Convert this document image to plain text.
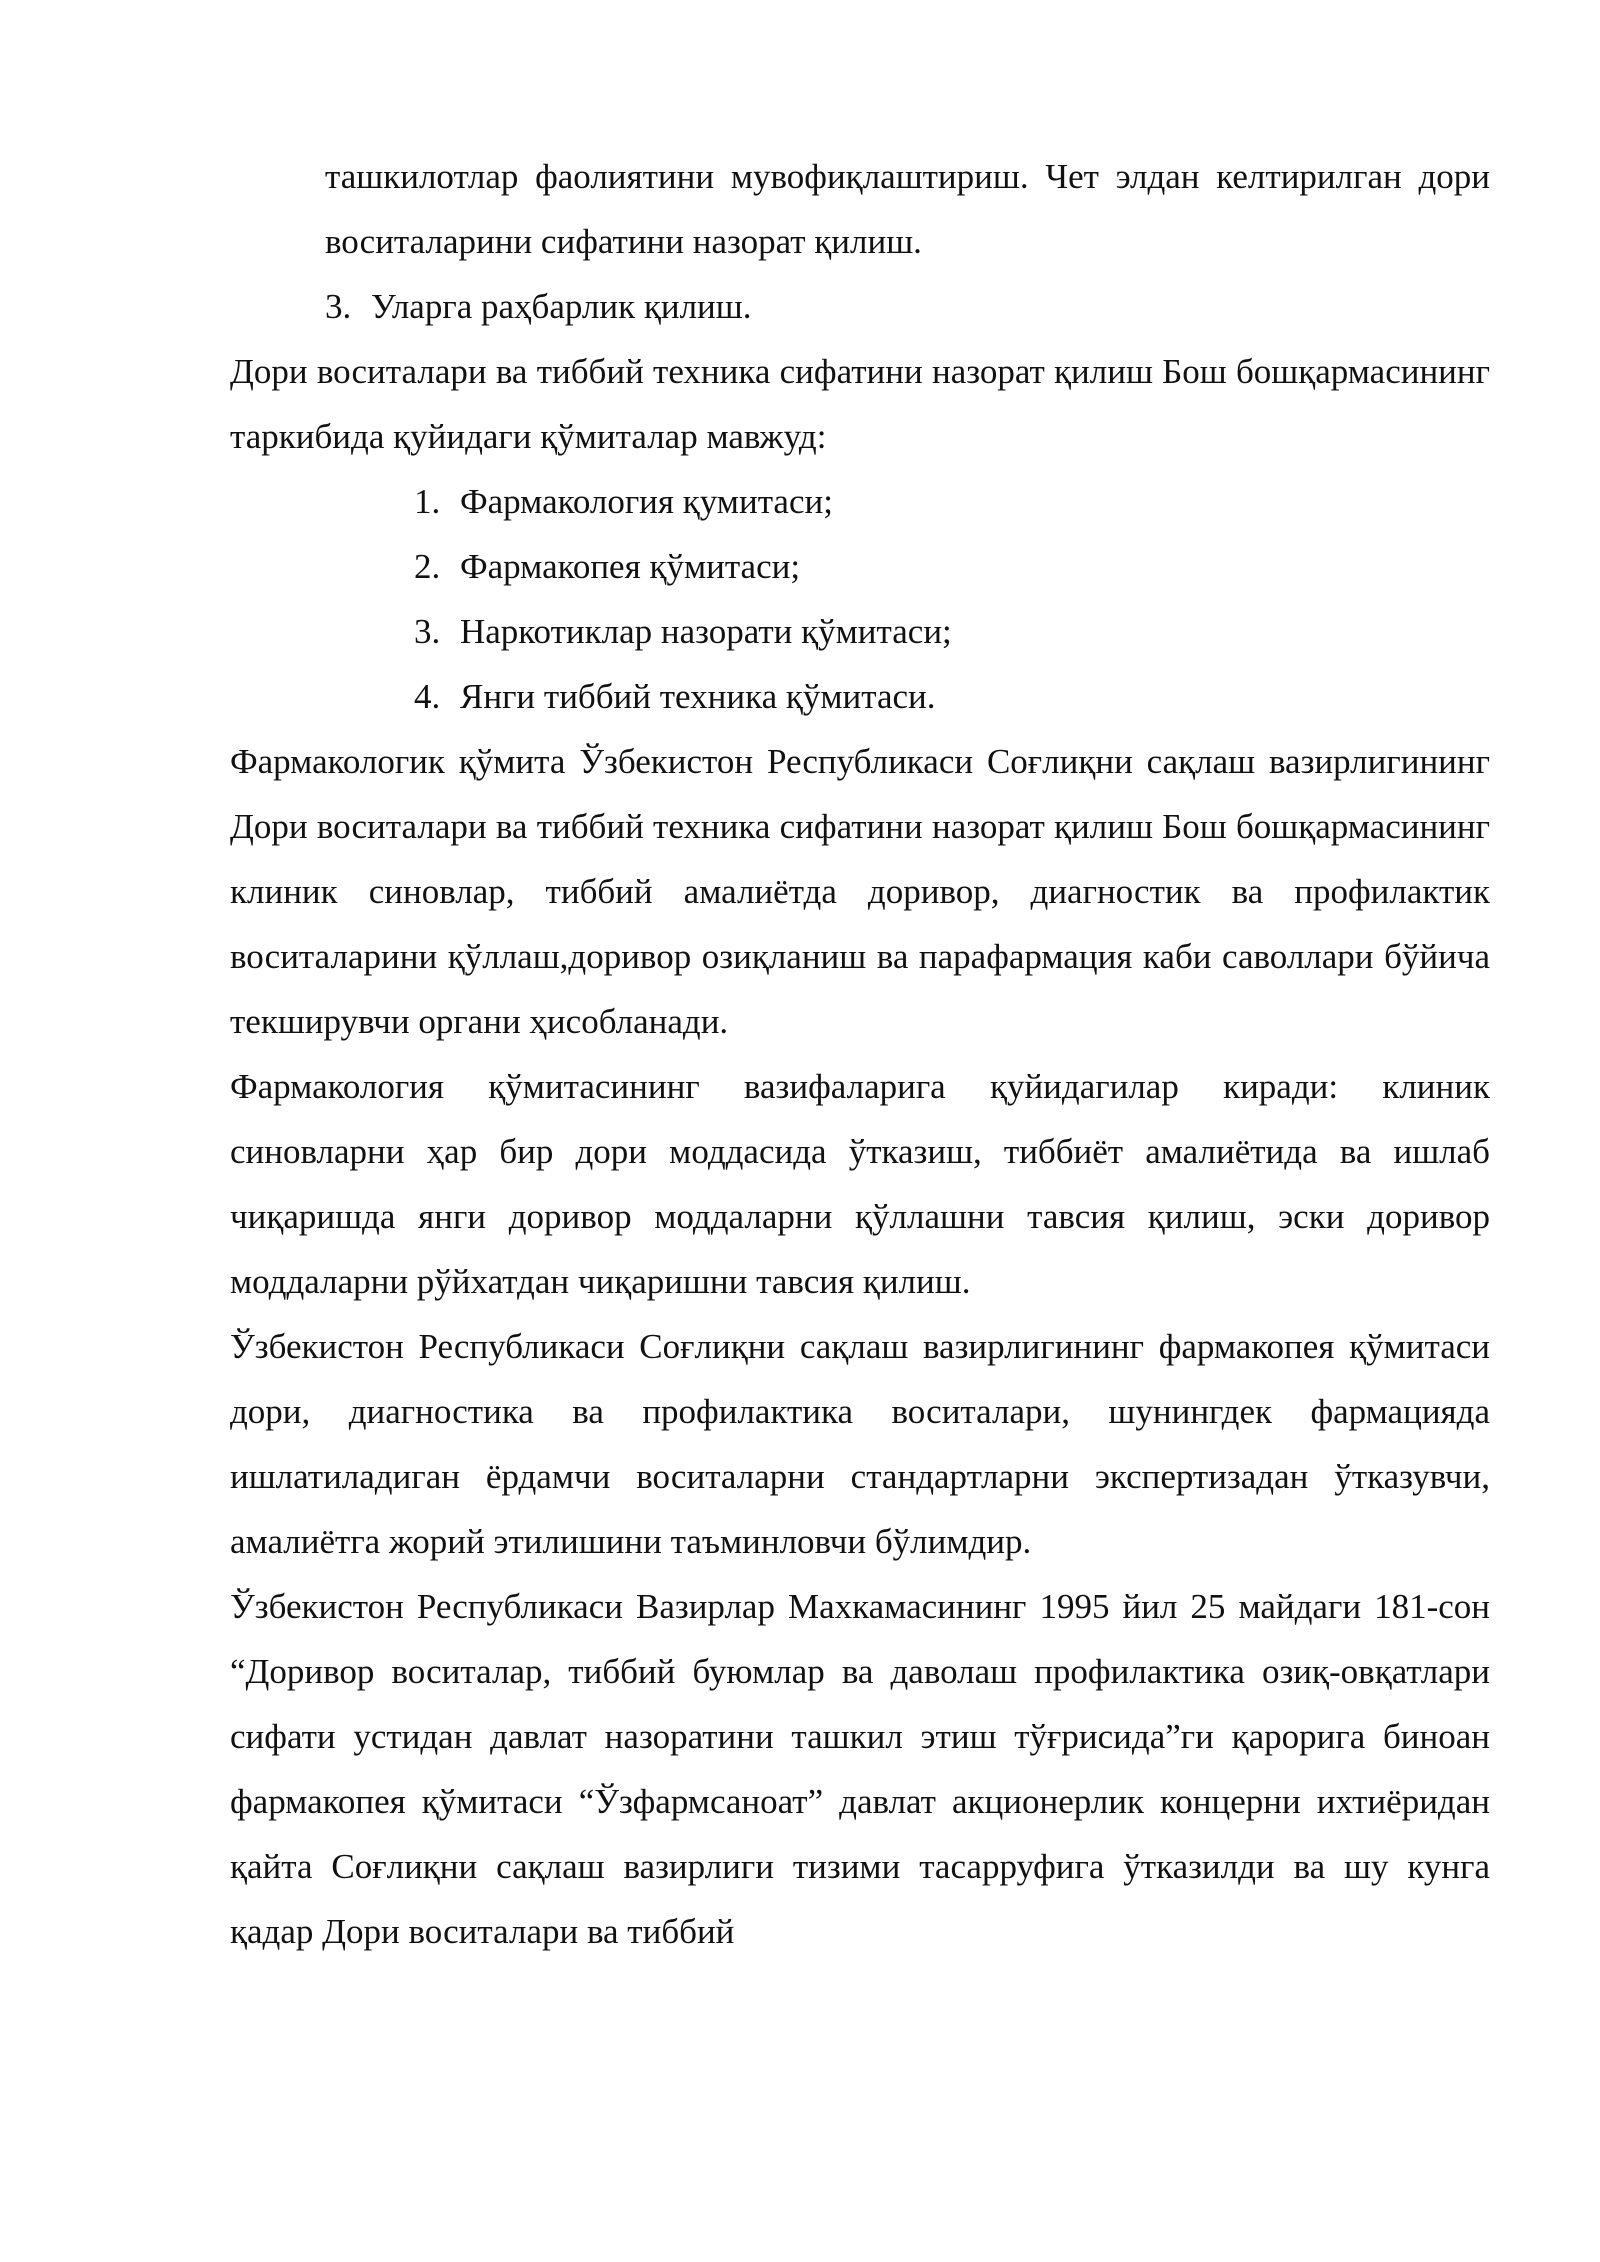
ташкилотлар фаолиятини мувофиқлаштириш. Чет элдан келтирилган дори воситаларини сифатини назорат қилиш.

3. Уларга раҳбарлик қилиш.

Дори воситалари ва тиббий техника сифатини назорат қилиш Бош бошқармасининг таркибида қуйидаги қўмиталар мавжуд:

1. Фармакология қумитаси;
2. Фармакопея қўмитаси;
3. Наркотиклар назорати қўмитаси;
4. Янги тиббий техника қўмитаси.

Фармакологик қўмита Ўзбекистон Республикаси Соғлиқни сақлаш вазирлигининг Дори воситалари ва тиббий техника сифатини назорат қилиш Бош бошқармасининг клиник синовлар, тиббий амалиётда доривор, диагностик ва профилактик воситаларини қўллаш,доривор озиқланиш ва парафармация каби саволлари бўйича текширувчи органи ҳисобланади.

Фармакология қўмитасининг вазифаларига қуйидагилар киради: клиник синовларни ҳар бир дори моддасида ўтказиш, тиббиёт амалиётида ва ишлаб чиқаришда янги доривор моддаларни қўллашни тавсия қилиш, эски доривор моддаларни рўйхатдан чиқаришни тавсия қилиш.

Ўзбекистон Республикаси Соғлиқни сақлаш вазирлигининг фармакопея қўмитаси дори, диагностика ва профилактика воситалари, шунингдек фармацияда ишлатиладиган ёрдамчи воситаларни стандартларни экспертизадан ўтказувчи, амалиётга жорий этилишини таъминловчи бўлимдир.

Ўзбекистон Республикаси Вазирлар Махкамасининг 1995 йил 25 майдаги 181-сон “Доривор воситалар, тиббий буюмлар ва даволаш профилактика озиқ-овқатлари сифати устидан давлат назоратини ташкил этиш тўғрисида”ги қарорига биноан фармакопея қўмитаси “Ўзфармсаноат” давлат акционерлик концерни ихтиёридан қайта Соғлиқни сақлаш вазирлиги тизими тасарруфига ўтказилди ва шу кунга қадар Дори воситалари ва тиббий
